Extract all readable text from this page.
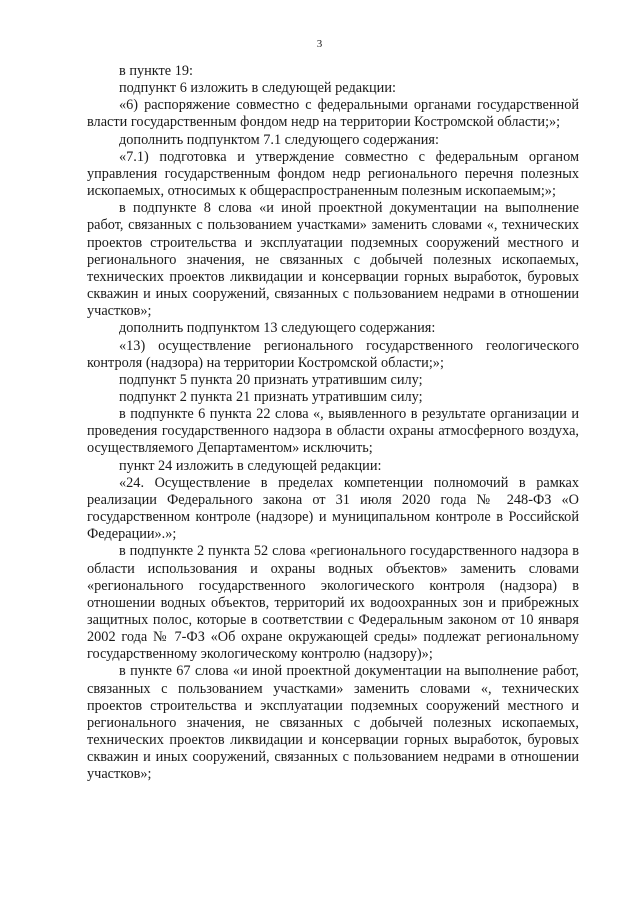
3

в пункте 19:

подпункт 6 изложить в следующей редакции:

«6) распоряжение совместно с федеральными органами государственной власти государственным фондом недр на территории Костромской области;»;

дополнить подпунктом 7.1 следующего содержания:

«7.1) подготовка и утверждение совместно с федеральным органом управления государственным фондом недр регионального перечня полезных ископаемых, относимых к общераспространенным полезным ископаемым;»;

в подпункте 8 слова «и иной проектной документации на выполнение работ, связанных с пользованием участками» заменить словами «, технических проектов строительства и эксплуатации подземных сооружений местного и регионального значения, не связанных с добычей полезных ископаемых, технических проектов ликвидации и консервации горных выработок, буровых скважин и иных сооружений, связанных с пользованием недрами в отношении участков»;

дополнить подпунктом 13 следующего содержания:

«13) осуществление регионального государственного геологического контроля (надзора) на территории Костромской области;»;

подпункт 5 пункта 20 признать утратившим силу;

подпункт 2 пункта 21 признать утратившим силу;

в подпункте 6 пункта 22 слова «, выявленного в результате организации и проведения государственного надзора в области охраны атмосферного воздуха, осуществляемого Департаментом» исключить;

пункт 24 изложить в следующей редакции:

«24. Осуществление в пределах компетенции полномочий в рамках реализации Федерального закона от 31 июля 2020 года № 248-ФЗ «О государственном контроле (надзоре) и муниципальном контроле в Российской Федерации».»;

в подпункте 2 пункта 52 слова «регионального государственного надзора в области использования и охраны водных объектов» заменить словами «регионального государственного экологического контроля (надзора) в отношении водных объектов, территорий их водоохранных зон и прибрежных защитных полос, которые в соответствии с Федеральным законом от 10 января 2002 года № 7-ФЗ «Об охране окружающей среды» подлежат региональному государственному экологическому контролю (надзору)»;

в пункте 67 слова «и иной проектной документации на выполнение работ, связанных с пользованием участками» заменить словами «, технических проектов строительства и эксплуатации подземных сооружений местного и регионального значения, не связанных с добычей полезных ископаемых, технических проектов ликвидации и консервации горных выработок, буровых скважин и иных сооружений, связанных с пользованием недрами в отношении участков»;
